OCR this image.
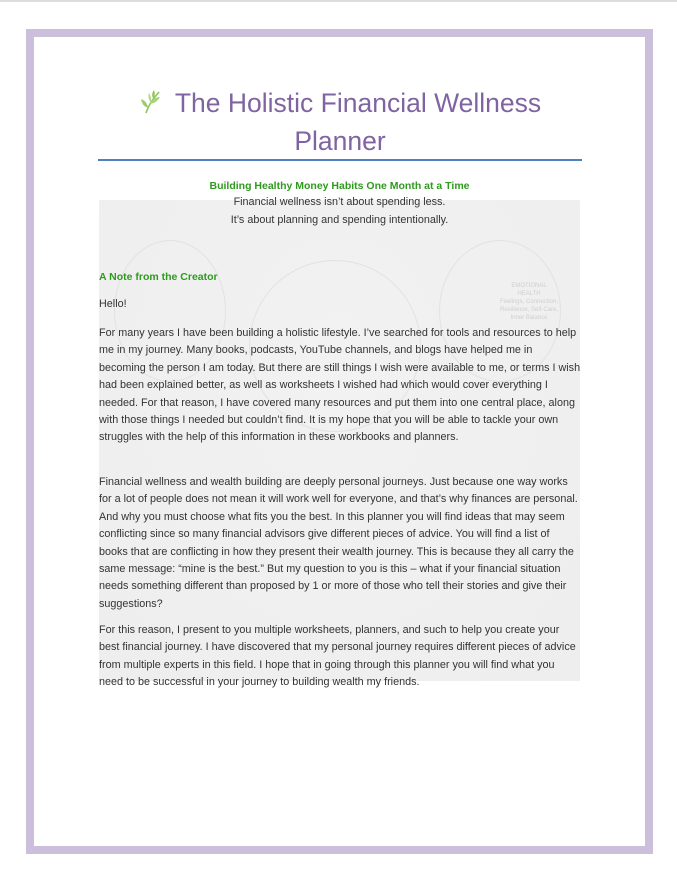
EMOTIONAL
HEALTH
Feelings, Connection, Resilience, Self-Care, Inner Balance
The Holistic Financial Wellness Planner
Building Healthy Money Habits One Month at a Time
Financial wellness isn’t about spending less.
It’s about planning and spending intentionally.
A Note from the Creator
Hello!
For many years I have been building a holistic lifestyle. I’ve searched for tools and resources to help me in my journey. Many books, podcasts, YouTube channels, and blogs have helped me in becoming the person I am today. But there are still things I wish were available to me, or terms I wish had been explained better, as well as worksheets I wished had which would cover everything I needed. For that reason, I have covered many resources and put them into one central place, along with those things I needed but couldn’t find. It is my hope that you will be able to tackle your own struggles with the help of this information in these workbooks and planners.
Financial wellness and wealth building are deeply personal journeys. Just because one way works for a lot of people does not mean it will work well for everyone, and that’s why finances are personal. And why you must choose what fits you the best. In this planner you will find ideas that may seem conflicting since so many financial advisors give different pieces of advice. You will find a list of books that are conflicting in how they present their wealth journey. This is because they all carry the same message: “mine is the best.” But my question to you is this – what if your financial situation needs something different than proposed by 1 or more of those who tell their stories and give their suggestions?
For this reason, I present to you multiple worksheets, planners, and such to help you create your best financial journey. I have discovered that my personal journey requires different pieces of advice from multiple experts in this field. I hope that in going through this planner you will find what you need to be successful in your journey to building wealth my friends.
